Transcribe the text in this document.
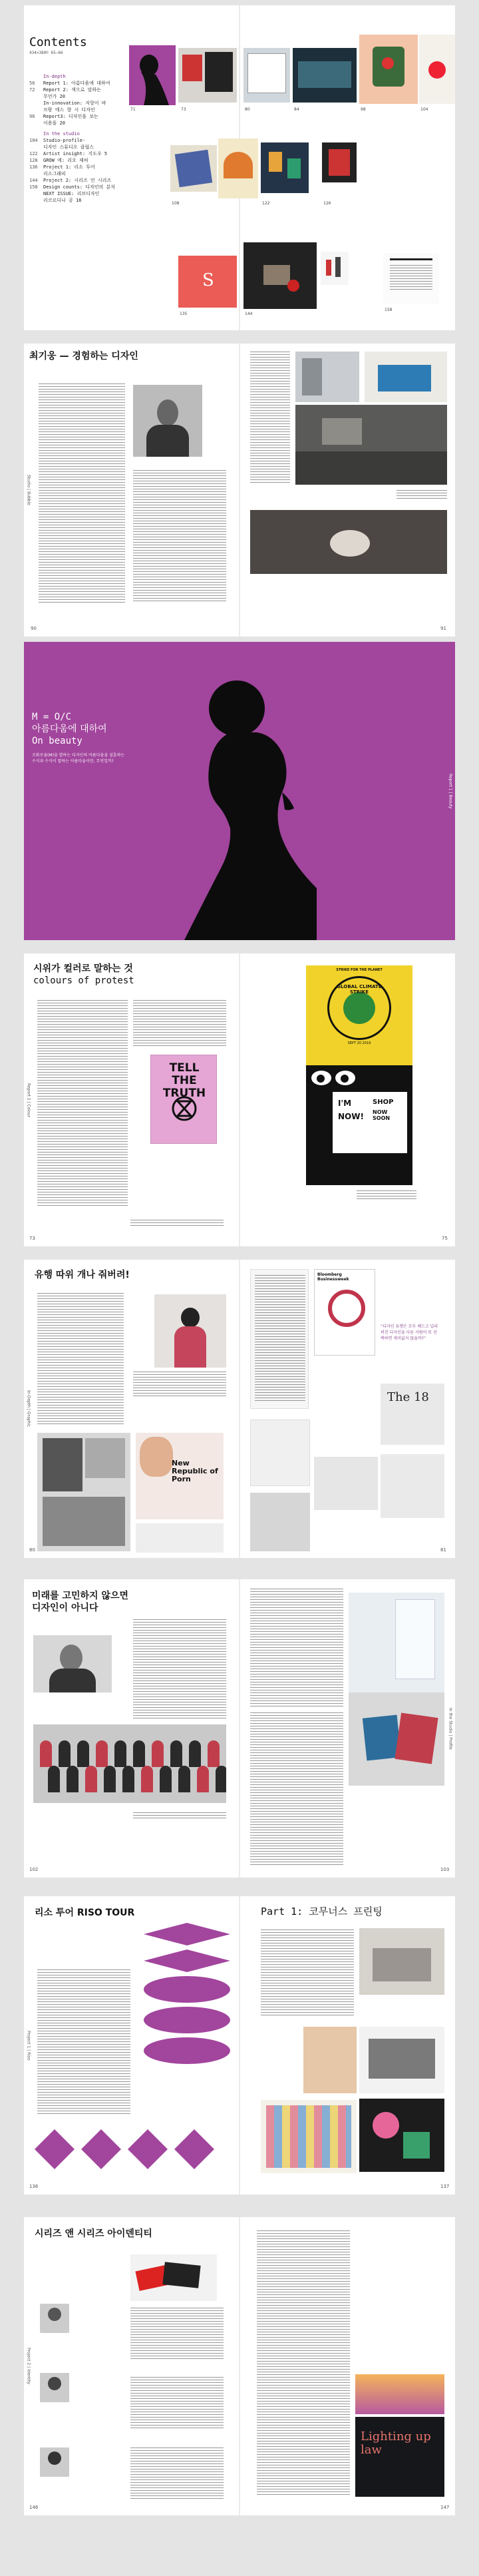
Contents
434×380© 65–66
In-depth
56	Report 1: 아름다움에 대하여
72	Report 2: 색으로 말하는
무언가 20
In-innovation: 저항이 바
프람 에스 향 시 디자인
96	Report3: 디자인을 보는
이용을 20
In the studio
104	Studio-profile-
디자인 스튜디오 클립스
122	Artist insight: 지도우 5
128	GROW 에: 리오 제허
136	Project 1: 리소 투어
리소그래피
144	Project 2: 시리즈 언 시리즈
158	Design counts: 디자인의 분석
NEXT ISSUE: 리브디자인
리코르디나 공 16
S
71	73	80	84	98	104
108	122	126
135	144
158
최기웅 — 경험하는 디자인
Studio | Bubble
90	91
M = O/C
아름다움에 대하여
On beauty
조화로움(M)을 발하는 디자인의 아름다움을 설훈하는 수식과 수식이 말하는 아름다움이란, 무엇일까?
Report 1 | Beauty
시위가 컬러로 말하는 것
colours of protest
Report 2 | Colour
TELL THE TRUTH
73
STRIKE FOR THE PLANET
GLOBAL CLIMATE STRIKE
SEPT 20 2019
I'M
NOW!
SHOP
NOW SOON
75
유행 따위 개나 줘버려!
In-Depth | Graphic
New Republic of Porn
80
Bloomberg Businessweek
“디자인 유행은 모두 해드고 널리 퍼진 디자인을 다른 사람이 또 선택하면 재미없지 않을까?”
The 18
81
미래를 고민하지 않으면
디자인이 아니다
102
In the Studio | Profile
103
리소 투어 RISO TOUR
Project 1 | Riso
136
Part 1: 코무너스 프린팅
137
시리즈 앤 시리즈 아이덴티티
Project 2 | Identity
146
Lighting up law
147
